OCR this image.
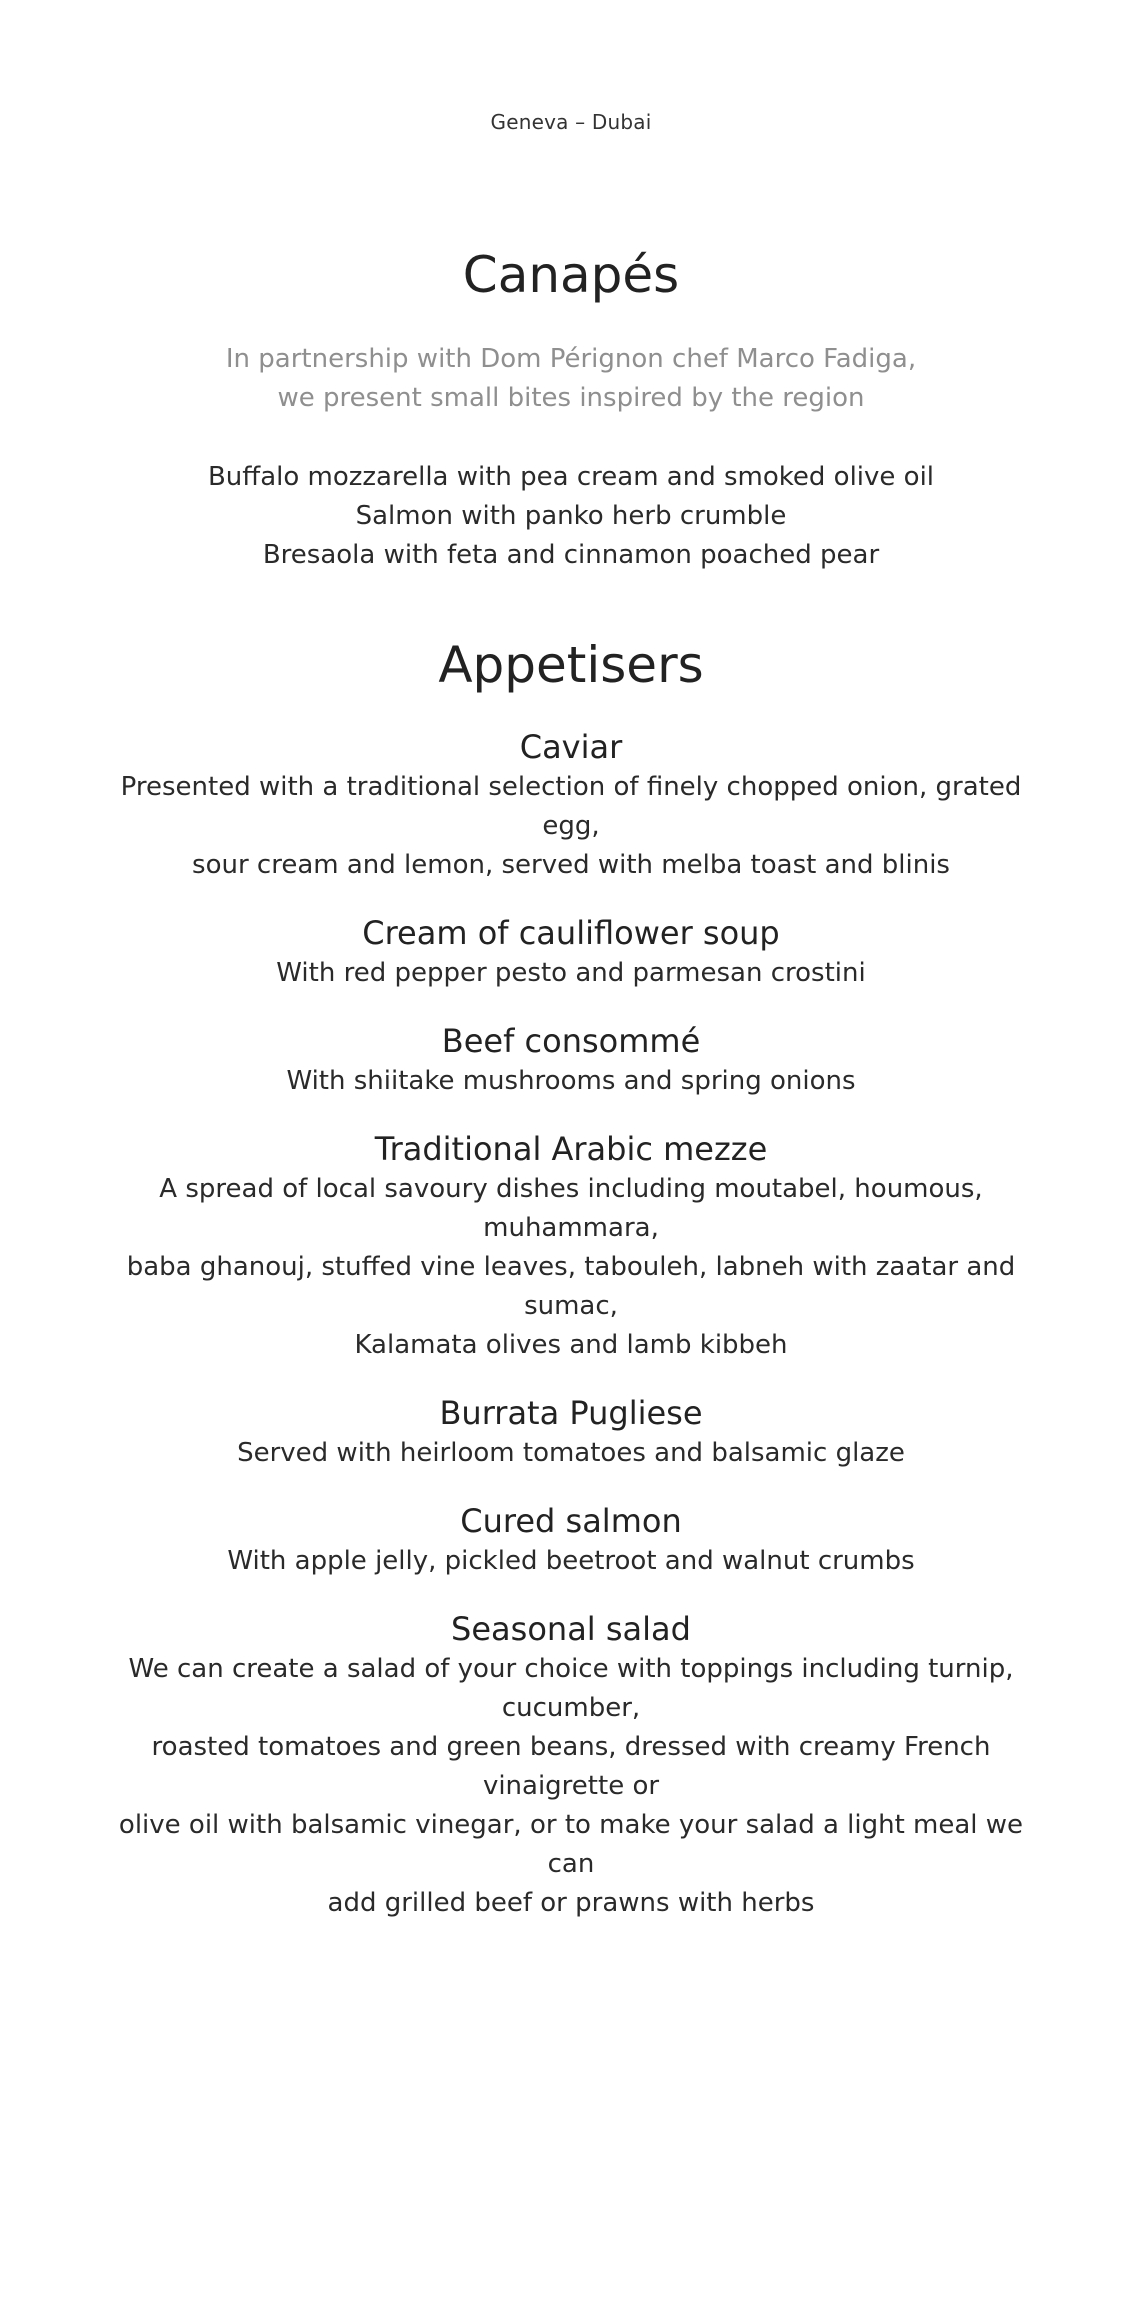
Geneva – Dubai
Canapés
In partnership with Dom Pérignon chef Marco Fadiga,
we present small bites inspired by the region
Buffalo mozzarella with pea cream and smoked olive oil
Salmon with panko herb crumble
Bresaola with feta and cinnamon poached pear
Appetisers
Caviar
Presented with a traditional selection of finely chopped onion, grated egg,
sour cream and lemon, served with melba toast and blinis
Cream of cauliflower soup
With red pepper pesto and parmesan crostini
Beef consommé
With shiitake mushrooms and spring onions
Traditional Arabic mezze
A spread of local savoury dishes including moutabel, houmous, muhammara,
baba ghanouj, stuffed vine leaves, tabouleh, labneh with zaatar and sumac,
Kalamata olives and lamb kibbeh
Burrata Pugliese
Served with heirloom tomatoes and balsamic glaze
Cured salmon
With apple jelly, pickled beetroot and walnut crumbs
Seasonal salad
We can create a salad of your choice with toppings including turnip, cucumber,
roasted tomatoes and green beans, dressed with creamy French vinaigrette or
olive oil with balsamic vinegar, or to make your salad a light meal we can
add grilled beef or prawns with herbs
